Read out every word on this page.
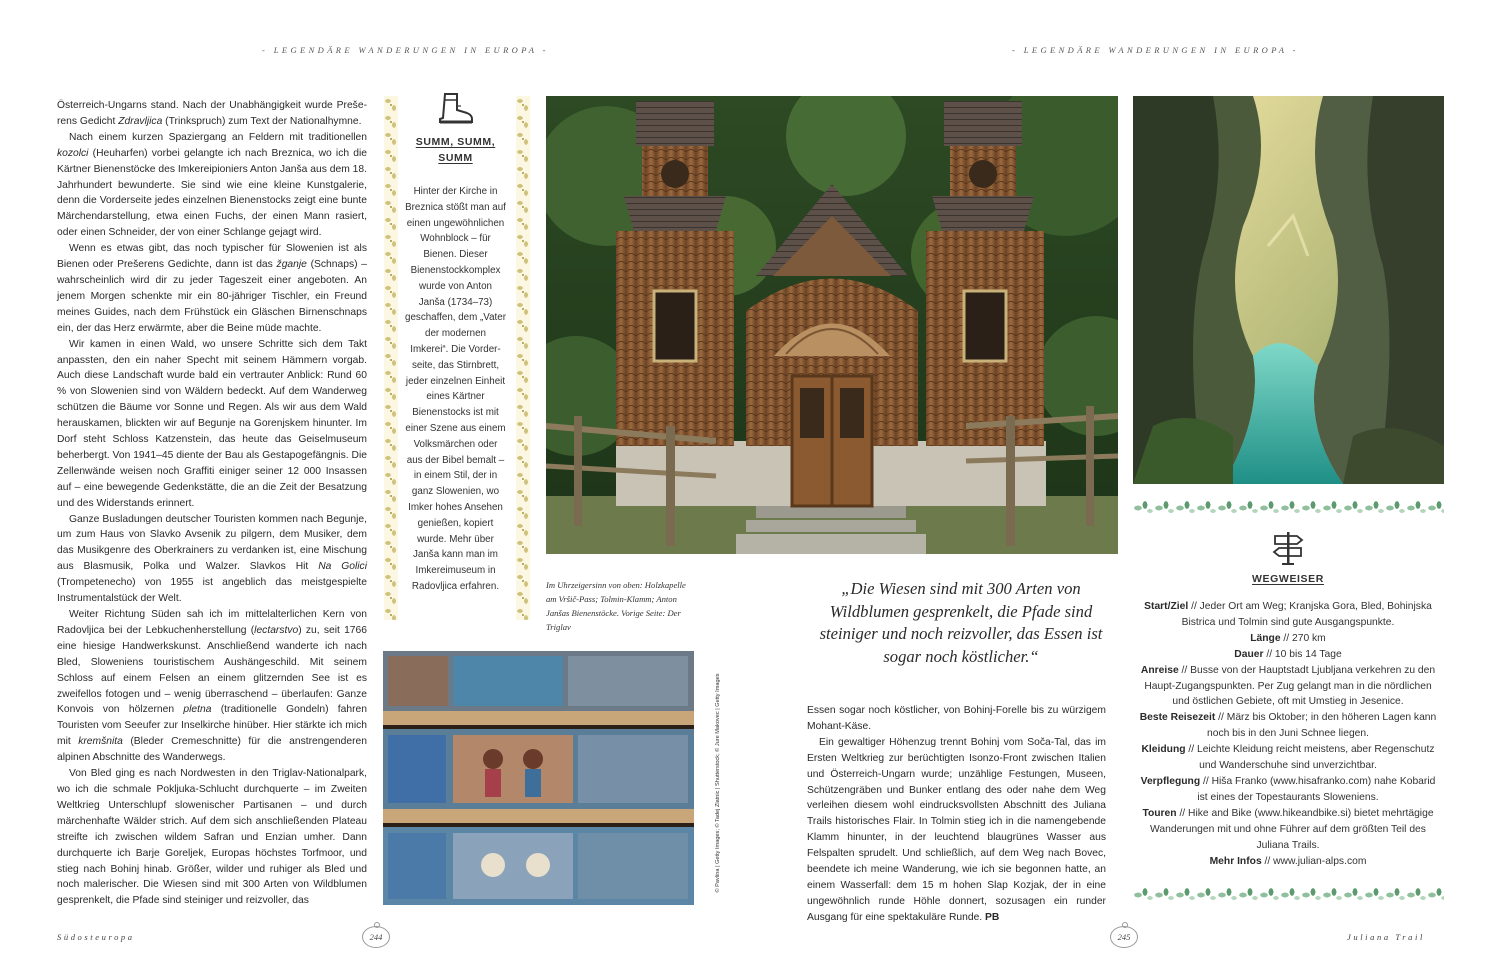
- LEGENDÄRE WANDERUNGEN IN EUROPA -	- LEGENDÄRE WANDERUNGEN IN EUROPA -

Österreich-Ungarns stand. Nach der Unabhängigkeit wurde Prešerens Gedicht Zdravljica (Trinkspruch) zum Text der Nationalhymne.

Nach einem kurzen Spaziergang an Feldern mit traditionellen kozolci (Heuharfen) vorbei gelangte ich nach Breznica, wo ich die Kärtner Bienenstöcke des Imkereipioniers Anton Janša aus dem 18. Jahrhundert bewunderte. Sie sind wie eine kleine Kunstgalerie, denn die Vorderseite jedes einzelnen Bienenstocks zeigt eine bunte Märchendarstellung, etwa einen Fuchs, der einen Mann rasiert, oder einen Schneider, der von einer Schlange gejagt wird.

Wenn es etwas gibt, das noch typischer für Slowenien ist als Bienen oder Prešerens Gedichte, dann ist das žganje (Schnaps) – wahrscheinlich wird dir zu jeder Tageszeit einer angeboten. An jenem Morgen schenkte mir ein 80-jähriger Tischler, ein Freund meines Guides, nach dem Frühstück ein Gläschen Birnenschnaps ein, der das Herz erwärmte, aber die Beine müde machte.

Wir kamen in einen Wald, wo unsere Schritte sich dem Takt anpassten, den ein naher Specht mit seinem Hämmern vorgab. Auch diese Landschaft wurde bald ein vertrauter Anblick: Rund 60 % von Slowenien sind von Wäldern bedeckt. Auf dem Wanderweg schützen die Bäume vor Sonne und Regen. Als wir aus dem Wald herauskamen, blickten wir auf Begunje na Gorenjskem hinunter. Im Dorf steht Schloss Katzenstein, das heute das Geiselmuseum beherbergt. Von 1941–45 diente der Bau als Gestapogefängnis. Die Zellenwände weisen noch Graffiti einiger seiner 12 000 Insassen auf – eine bewegende Gedenkstätte, die an die Zeit der Besatzung und des Widerstands erinnert.

Ganze Busladungen deutscher Touristen kommen nach Begunje, um zum Haus von Slavko Avsenik zu pilgern, dem Musiker, dem das Musikgenre des Oberkrainers zu verdanken ist, eine Mischung aus Blasmusik, Polka und Walzer. Slavkos Hit Na Golici (Trompetenecho) von 1955 ist angeblich das meistgespielte Instrumentalstück der Welt.

Weiter Richtung Süden sah ich im mittelalterlichen Kern von Radovljica bei der Lebkuchenherstellung (lectarstvo) zu, seit 1766 eine hiesige Handwerkskunst. Anschließend wanderte ich nach Bled, Sloweniens touristischem Aushängeschild. Mit seinem Schloss auf einem Felsen an einem glitzernden See ist es zweifellos fotogen und – wenig überraschend – überlaufen: Ganze Konvois von hölzernen pletna (traditionelle Gondeln) fahren Touristen vom Seeufer zur Inselkirche hinüber. Hier stärkte ich mich mit kremšnita (Bleder Cremeschnitte) für die anstrengenderen alpinen Abschnitte des Wanderwegs.

Von Bled ging es nach Nordwesten in den Triglav-Nationalpark, wo ich die schmale Pokljuka-Schlucht durchquerte – im Zweiten Weltkrieg Unterschlupf slowenischer Partisanen – und durch märchenhafte Wälder strich. Auf dem sich anschließenden Plateau streifte ich zwischen wildem Safran und Enzian umher. Dann durchquerte ich Barje Goreljek, Europas höchstes Torfmoor, und stieg nach Bohinj hinab. Größer, wilder und ruhiger als Bled und noch malerischer. Die Wiesen sind mit 300 Arten von Wildblumen gesprenkelt, die Pfade sind steiniger und reizvoller, das

SUMM, SUMM, SUMM
Hinter der Kirche in Breznica stößt man auf einen ungewöhnlichen Wohnblock – für Bienen. Dieser Bienenstockkomplex wurde von Anton Janša (1734–73) geschaffen, dem „Vater der modernen Imkerei“. Die Vorderseite, das Stirnbrett, jeder einzelnen Einheit eines Kärtner Bienenstocks ist mit einer Szene aus einem Volksmärchen oder aus der Bibel bemalt – in einem Stil, der in ganz Slowenien, wo Imker hohes Ansehen genießen, kopiert wurde. Mehr über Janša kann man im Imkereimuseum in Radovljica erfahren.	Im Uhrzeigersinn von oben: Holzkapelle am Vršič-Pass; Tolmin-Klamm; Anton Janšas Bienenstöcke. Vorige Seite: Der Triglav
© Pavlina | Getty Images; © Tadej Zlatnic | Shutterstock; © Jure Makovec | Getty Images
„Die Wiesen sind mit 300 Arten von Wildblumen gesprenkelt, die Pfade sind steiniger und noch reizvoller, das Essen ist sogar noch köstlicher.“

Essen sogar noch köstlicher, von Bohinj-Forelle bis zu würzigem Mohant-Käse.

Ein gewaltiger Höhenzug trennt Bohinj vom Soča-Tal, das im Ersten Weltkrieg zur berüchtigten Isonzo-Front zwischen Italien und Österreich-Ungarn wurde; unzählige Festungen, Museen, Schützengräben und Bunker entlang des oder nahe dem Weg verleihen diesem wohl eindrucksvollsten Abschnitt des Juliana Trails historisches Flair. In Tolmin stieg ich in die namengebende Klamm hinunter, in der leuchtend blaugrünes Wasser aus Felspalten sprudelt. Und schließlich, auf dem Weg nach Bovec, beendete ich meine Wanderung, wie ich sie begonnen hatte, an einem Wasserfall: dem 15 m hohen Slap Kozjak, der in eine ungewöhnlich runde Höhle donnert, sozusagen ein runder Ausgang für eine spektakuläre Runde. PB

WEGWEISER
Start/Ziel // Jeder Ort am Weg; Kranjska Gora, Bled, Bohinjska Bistrica und Tolmin sind gute Ausgangspunkte.
Länge // 270 km
Dauer // 10 bis 14 Tage
Anreise // Busse von der Hauptstadt Ljubljana verkehren zu den Haupt-Zugangspunkten. Per Zug gelangt man in die nördlichen und östlichen Gebiete, oft mit Umstieg in Jesenice.
Beste Reisezeit // März bis Oktober; in den höheren Lagen kann noch bis in den Juni Schnee liegen.
Kleidung // Leichte Kleidung reicht meistens, aber Regenschutz und Wanderschuhe sind unverzichtbar.
Verpflegung // Hiša Franko (www.hisafranko.com) nahe Kobarid ist eines der Topestaurants Sloweniens.
Touren // Hike and Bike (www.hikeandbike.si) bietet mehrtägige Wanderungen mit und ohne Führer auf dem größten Teil des Juliana Trails.
Mehr Infos // www.julian-alps.com
Südosteuropa	244	245	Juliana Trail
